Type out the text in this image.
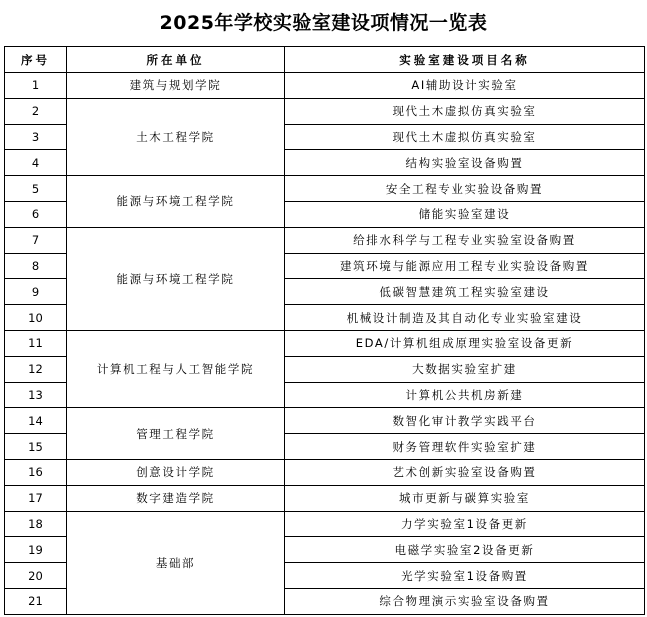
2025年学校实验室建设项情况一览表
序号	所在单位	实验室建设项目名称
1	建筑与规划学院	AI辅助设计实验室
2	土木工程学院	现代土木虚拟仿真实验室
3		现代土木虚拟仿真实验室
4		结构实验室设备购置
5	能源与环境工程学院	安全工程专业实验设备购置
6		储能实验室建设
7	能源与环境工程学院	给排水科学与工程专业实验室设备购置
8		建筑环境与能源应用工程专业实验设备购置
9		低碳智慧建筑工程实验室建设
10		机械设计制造及其自动化专业实验室建设
11	计算机工程与人工智能学院	EDA/计算机组成原理实验室设备更新
12		大数据实验室扩建
13		计算机公共机房新建
14	管理工程学院	数智化审计教学实践平台
15		财务管理软件实验室扩建
16	创意设计学院	艺术创新实验室设备购置
17	数字建造学院	城市更新与碳算实验室
18	基础部	力学实验室1设备更新
19		电磁学实验室2设备更新
20		光学实验室1设备购置
21		综合物理演示实验室设备购置
